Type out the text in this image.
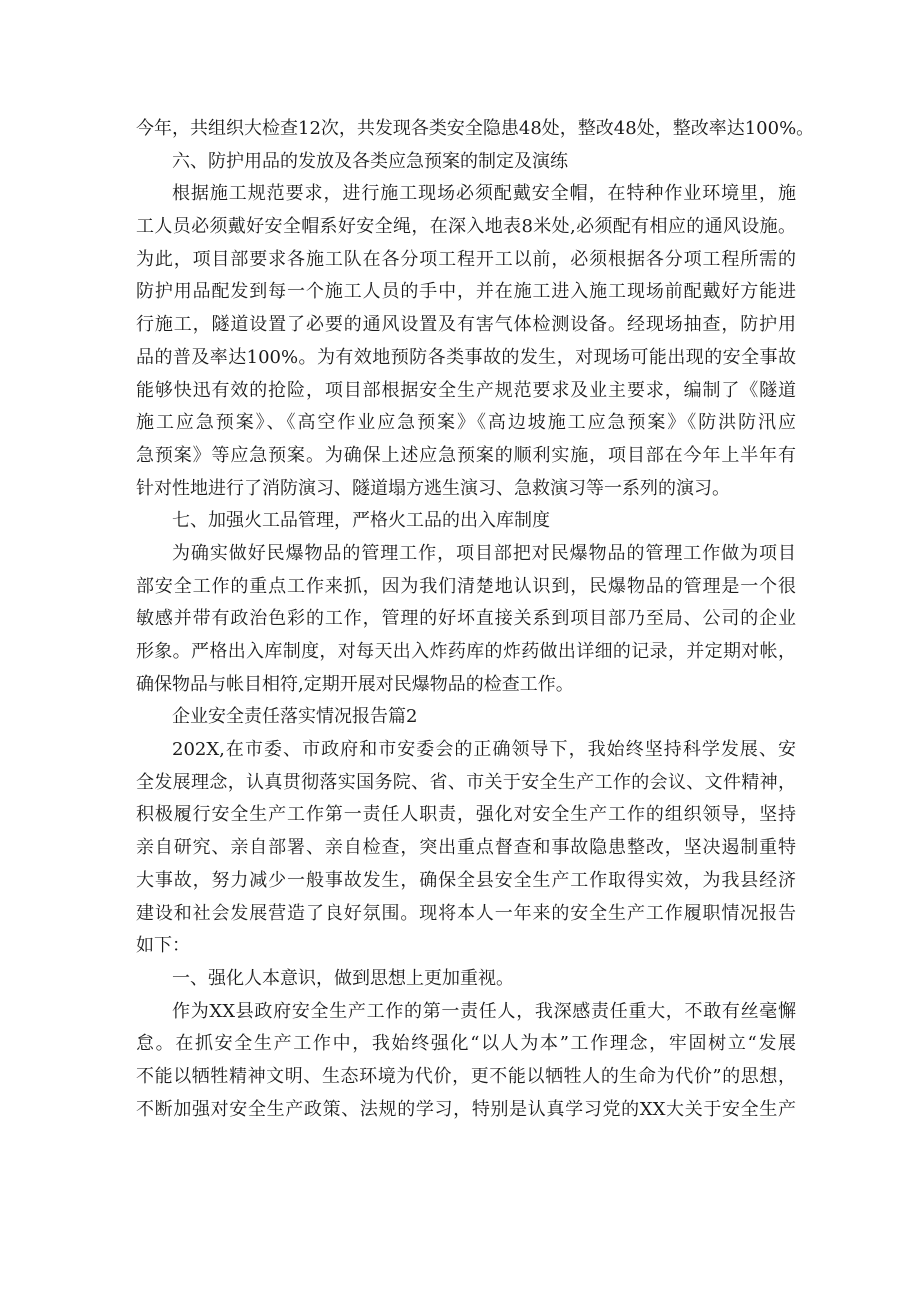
今年，共组织大检查12次，共发现各类安全隐患48处，整改48处，整改率达100%。
六、防护用品的发放及各类应急预案的制定及演练
根据施工规范要求，进行施工现场必须配戴安全帽，在特种作业环境里，施
工人员必须戴好安全帽系好安全绳，在深入地表8米处,必须配有相应的通风设施。
为此，项目部要求各施工队在各分项工程开工以前，必须根据各分项工程所需的
防护用品配发到每一个施工人员的手中，并在施工进入施工现场前配戴好方能进
行施工，隧道设置了必要的通风设置及有害气体检测设备。经现场抽查，防护用
品的普及率达100%。为有效地预防各类事故的发生，对现场可能出现的安全事故
能够快迅有效的抢险，项目部根据安全生产规范要求及业主要求，编制了《隧道
施工应急预案》、《高空作业应急预案》《高边坡施工应急预案》《防洪防汛应
急预案》等应急预案。为确保上述应急预案的顺利实施，项目部在今年上半年有
针对性地进行了消防演习、隧道塌方逃生演习、急救演习等一系列的演习。
七、加强火工品管理，严格火工品的出入库制度
为确实做好民爆物品的管理工作，项目部把对民爆物品的管理工作做为项目
部安全工作的重点工作来抓，因为我们清楚地认识到，民爆物品的管理是一个很
敏感并带有政治色彩的工作，管理的好坏直接关系到项目部乃至局、公司的企业
形象。严格出入库制度，对每天出入炸药库的炸药做出详细的记录，并定期对帐，
确保物品与帐目相符,定期开展对民爆物品的检查工作。
企业安全责任落实情况报告篇2
202X,在市委、市政府和市安委会的正确领导下，我始终坚持科学发展、安
全发展理念，认真贯彻落实国务院、省、市关于安全生产工作的会议、文件精神，
积极履行安全生产工作第一责任人职责，强化对安全生产工作的组织领导，坚持
亲自研究、亲自部署、亲自检查，突出重点督查和事故隐患整改，坚决遏制重特
大事故，努力减少一般事故发生，确保全县安全生产工作取得实效，为我县经济
建设和社会发展营造了良好氛围。现将本人一年来的安全生产工作履职情况报告
如下：
一、强化人本意识，做到思想上更加重视。
作为XX县政府安全生产工作的第一责任人，我深感责任重大，不敢有丝毫懈
怠。在抓安全生产工作中，我始终强化“以人为本”工作理念，牢固树立“发展
不能以牺牲精神文明、生态环境为代价，更不能以牺牲人的生命为代价”的思想，
不断加强对安全生产政策、法规的学习，特别是认真学习党的XX大关于安全生产
